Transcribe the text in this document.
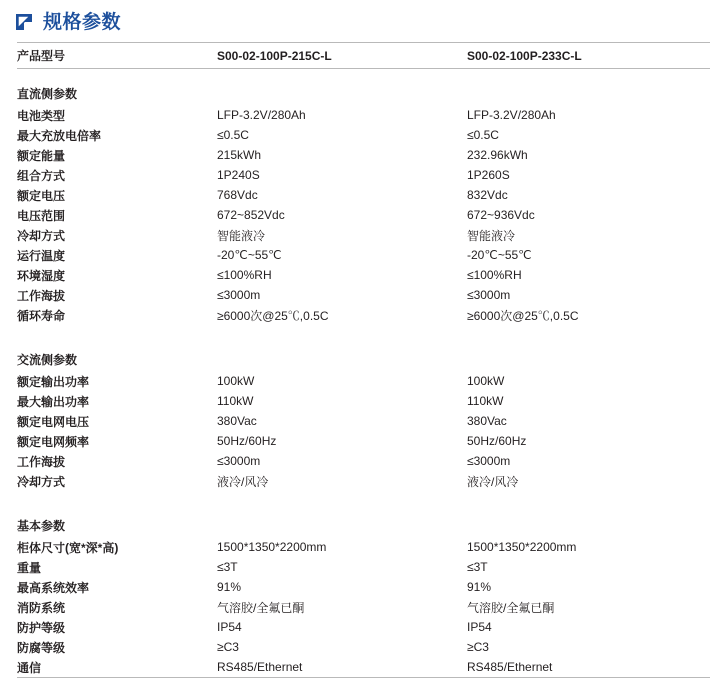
规格参数
产品型号	S00-02-100P-215C-L	S00-02-100P-233C-L
直流侧参数		
电池类型	LFP-3.2V/280Ah	LFP-3.2V/280Ah
最大充放电倍率	≤0.5C	≤0.5C
额定能量	215kWh	232.96kWh
组合方式	1P240S	1P260S
额定电压	768Vdc	832Vdc
电压范围	672~852Vdc	672~936Vdc
冷却方式	智能液冷	智能液冷
运行温度	-20℃~55℃	-20℃~55℃
环境湿度	≤100%RH	≤100%RH
工作海拔	≤3000m	≤3000m
循环寿命	≥6000次@25℃,0.5C	≥6000次@25℃,0.5C

交流侧参数		
额定输出功率	100kW	100kW
最大输出功率	110kW	110kW
额定电网电压	380Vac	380Vac
额定电网频率	50Hz/60Hz	50Hz/60Hz
工作海拔	≤3000m	≤3000m
冷却方式	液冷/风冷	液冷/风冷

基本参数		
柜体尺寸(宽*深*高)	1500*1350*2200mm	1500*1350*2200mm
重量	≤3T	≤3T
最高系统效率	91%	91%
消防系统	气溶胶/全氟已酮	气溶胶/全氟已酮
防护等级	IP54	IP54
防腐等级	≥C3	≥C3
通信	RS485/Ethernet	RS485/Ethernet
